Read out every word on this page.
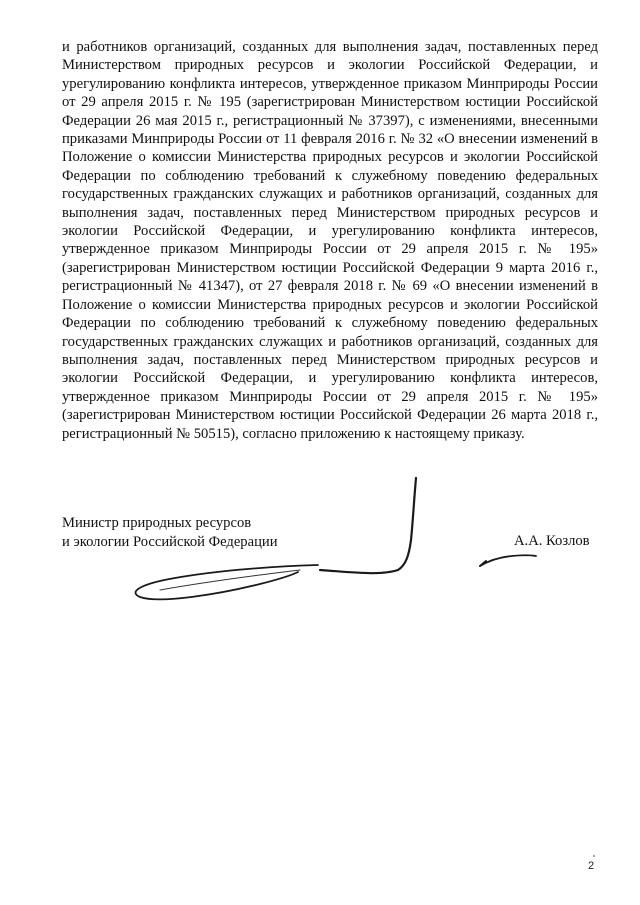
и работников организаций, созданных для выполнения задач, поставленных перед Министерством природных ресурсов и экологии Российской Федерации, и урегулированию конфликта интересов, утвержденное приказом Минприроды России от 29 апреля 2015 г. № 195 (зарегистрирован Министерством юстиции Российской Федерации 26 мая 2015 г., регистрационный № 37397), с изменениями, внесенными приказами Минприроды России от 11 февраля 2016 г. № 32 «О внесении изменений в Положение о комиссии Министерства природных ресурсов и экологии Российской Федерации по соблюдению требований к служебному поведению федеральных государственных гражданских служащих и работников организаций, созданных для выполнения задач, поставленных перед Министерством природных ресурсов и экологии Российской Федерации, и урегулированию конфликта интересов, утвержденное приказом Минприроды России от 29 апреля 2015 г. № 195» (зарегистрирован Министерством юстиции Российской Федерации 9 марта 2016 г., регистрационный № 41347), от 27 февраля 2018 г. № 69 «О внесении изменений в Положение о комиссии Министерства природных ресурсов и экологии Российской Федерации по соблюдению требований к служебному поведению федеральных государственных гражданских служащих и работников организаций, созданных для выполнения задач, поставленных перед Министерством природных ресурсов и экологии Российской Федерации, и урегулированию конфликта интересов, утвержденное приказом Минприроды России от 29 апреля 2015 г. № 195» (зарегистрирован Министерством юстиции Российской Федерации 26 марта 2018 г., регистрационный № 50515), согласно приложению к настоящему приказу.

Министр природных ресурсов
и экологии Российской Федерации	А.А. Козлов
2
